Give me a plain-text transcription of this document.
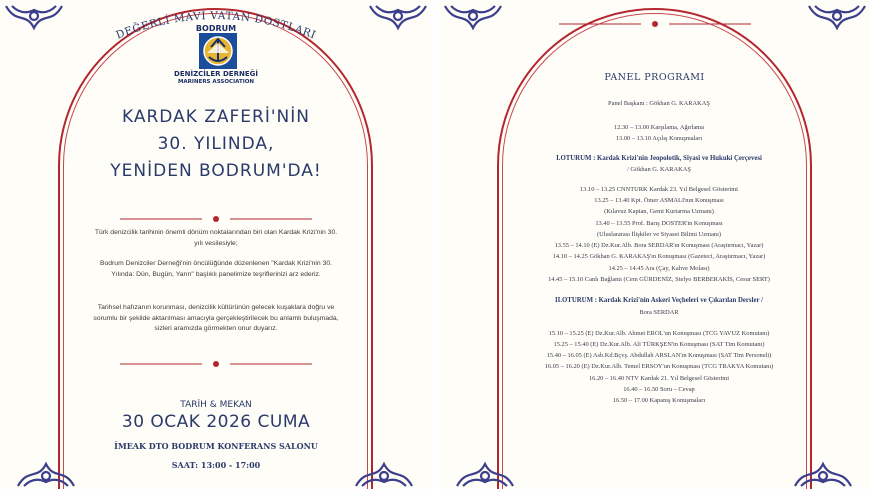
DEĞERLİ MAVİ VATAN DOSTLARI
BODRUM
DENİZCİLER DERNEĞİ
MARINERS ASSOCIATION
KARDAK ZAFERİ'NİN
30. YILINDA,
YENİDEN BODRUM'DA!
Türk denizcilik tarihinin önemli dönüm noktalarından biri olan Kardak Krizi'nin 30. yılı vesilesiyle;
Bodrum Denizciler Derneği'nin öncülüğünde düzenlenen "Kardak Krizi'nin 30. Yılında: Dün, Bugün, Yarın" başlıklı panelimize teşriflerinizi arz ederiz.
Tarihsel hafızanın korunması, denizcilik kültürünün gelecek kuşaklara doğru ve sorumlu bir şekilde aktarılması amacıyla gerçekleştirilecek bu anlamlı buluşmada, sizleri aramızda görmekten onur duyarız.
TARİH & MEKAN
30 OCAK 2026 CUMA
İMEAK DTO BODRUM KONFERANS SALONU
SAAT: 13:00 - 17:00
PANEL PROGRAMI
Panel Başkanı : Gökhan G. KARAKAŞ
12.30 – 13.00 Karşılama, Ağırlama
13.00 – 13.10 Açılış Konuşmaları
I.OTURUM : Kardak Krizi'nin Jeopolotik, Siyasi ve Hukuki Çerçevesi
/ Gökhan G. KARAKAŞ
13.10 – 13.25 CNNTURK Kardak 23. Yıl Belgesel Gösterimi
13.25 – 13.40 Kpt. Ömer ASMALI'nın Konuşması
(Kılavuz Kaptan, Gemi Kurtarma Uzmanı)
13.40 – 13.55 Prof. Barış DOSTER'in Konuşması
(Uluslararası İlişkiler ve Siyaset Bilimi Uzmanı)
13.55 – 14.10 (E) Dz.Kur.Alb. Bora SERDAR'ın Konuşması (Araştırmacı, Yazar)
14.10 – 14.25 Gökhan G. KARAKAŞ'ın Konuşması (Gazeteci, Araştırmacı, Yazar)
14.25 – 14.45 Ara (Çay, Kahve Molası)
14.45 – 15.10 Canlı Bağlantı (Cem GÜRDENİZ, Stelyo BERBERAKİS, Cesur SERT)
II.OTURUM : Kardak Krizi'nin Askeri Veçheleri ve Çıkarılan Dersler /
Bora SERDAR
15.10 – 15.25 (E) Dz.Kur.Alb. Ahmet EROL'un Konuşması (TCG YAVUZ Komutanı)
15.25 – 15.40 (E) Dz.Kur.Alb. Ali TÜRKŞEN'in Konuşması (SAT Tim Komutanı)
15.40 – 16.05 (E) Asb.Kd.Bçvş. Abdullah ARSLAN'ın Konuşması (SAT Tim Personeli)
16.05 – 16.20 (E) Dz.Kur.Alb. Temel ERSOY'un Konuşması (TCG TRAKYA Komutanı)
16.20 – 16.40 NTV Kardak 21. Yıl Belgesel Gösterimi
16.40 – 16.50 Soru – Cevap
16.50 – 17.00 Kapanış Konuşmaları
